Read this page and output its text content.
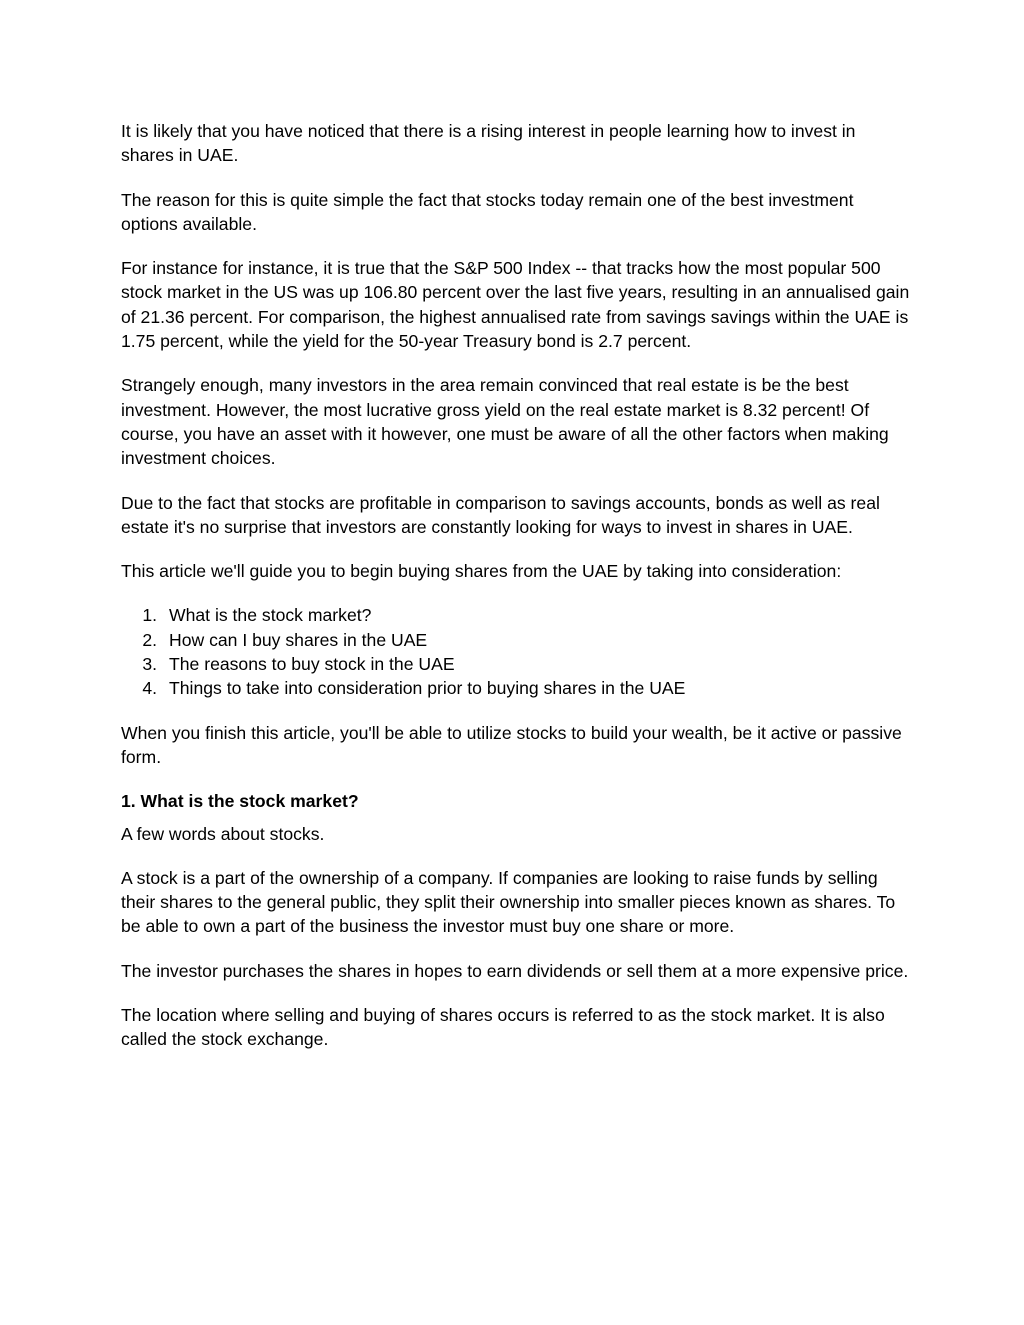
It is likely that you have noticed that there is a rising interest in people learning how to invest in shares in UAE.

The reason for this is quite simple the fact that stocks today remain one of the best investment options available.

For instance for instance, it is true that the S&P 500 Index -- that tracks how the most popular 500 stock market in the US was up 106.80 percent over the last five years, resulting in an annualised gain of 21.36 percent. For comparison, the highest annualised rate from savings savings within the UAE is 1.75 percent, while the yield for the 50-year Treasury bond is 2.7 percent.

Strangely enough, many investors in the area remain convinced that real estate is be the best investment. However, the most lucrative gross yield on the real estate market is 8.32 percent! Of course, you have an asset with it however, one must be aware of all the other factors when making investment choices.

Due to the fact that stocks are profitable in comparison to savings accounts, bonds as well as real estate it's no surprise that investors are constantly looking for ways to invest in shares in UAE.

This article we'll guide you to begin buying shares from the UAE by taking into consideration:

1. What is the stock market?
2. How can I buy shares in the UAE
3. The reasons to buy stock in the UAE
4. Things to take into consideration prior to buying shares in the UAE

When you finish this article, you'll be able to utilize stocks to build your wealth, be it active or passive form.

1. What is the stock market?

A few words about stocks.

A stock is a part of the ownership of a company. If companies are looking to raise funds by selling their shares to the general public, they split their ownership into smaller pieces known as shares. To be able to own a part of the business the investor must buy one share or more.

The investor purchases the shares in hopes to earn dividends or sell them at a more expensive price.

The location where selling and buying of shares occurs is referred to as the stock market. It is also called the stock exchange.
